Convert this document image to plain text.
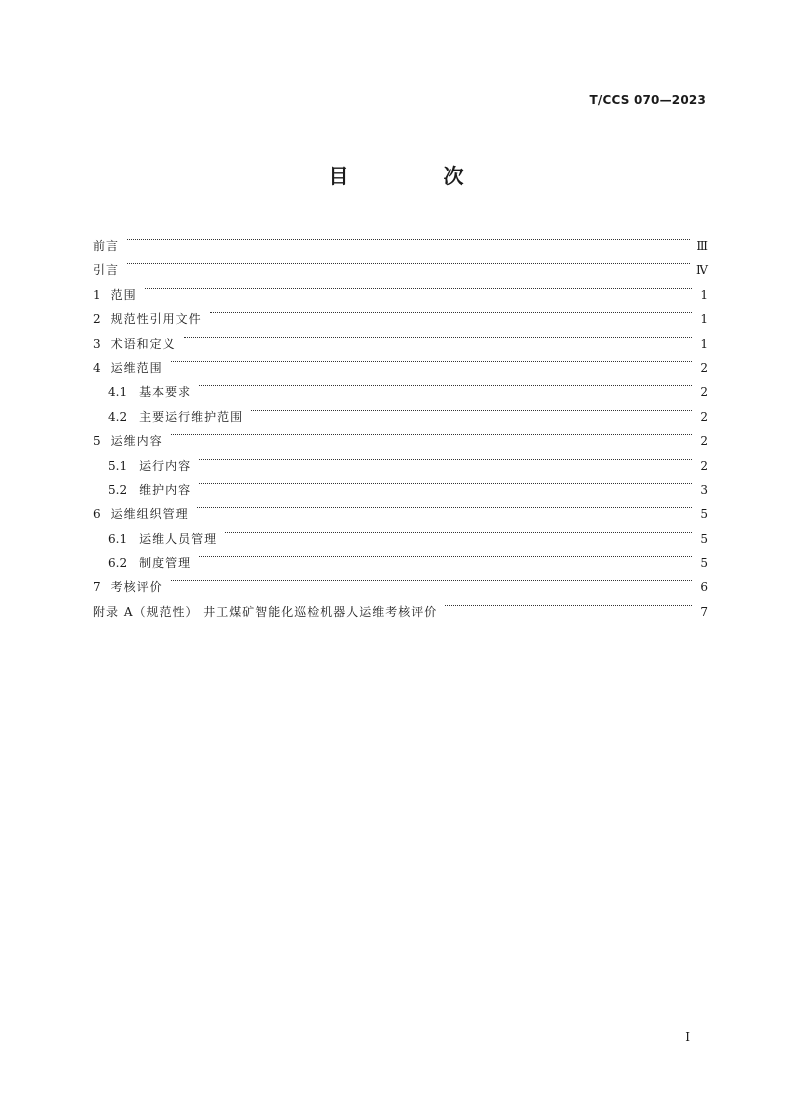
T/CCS 070—2023
目 次
前言	Ⅲ
引言	Ⅳ
1 范围	1
2 规范性引用文件	1
3 术语和定义	1
4 运维范围	2
4.1 基本要求	2
4.2 主要运行维护范围	2
5 运维内容	2
5.1 运行内容	2
5.2 维护内容	3
6 运维组织管理	5
6.1 运维人员管理	5
6.2 制度管理	5
7 考核评价	6
附录 A（规范性） 井工煤矿智能化巡检机器人运维考核评价	7
Ⅰ
